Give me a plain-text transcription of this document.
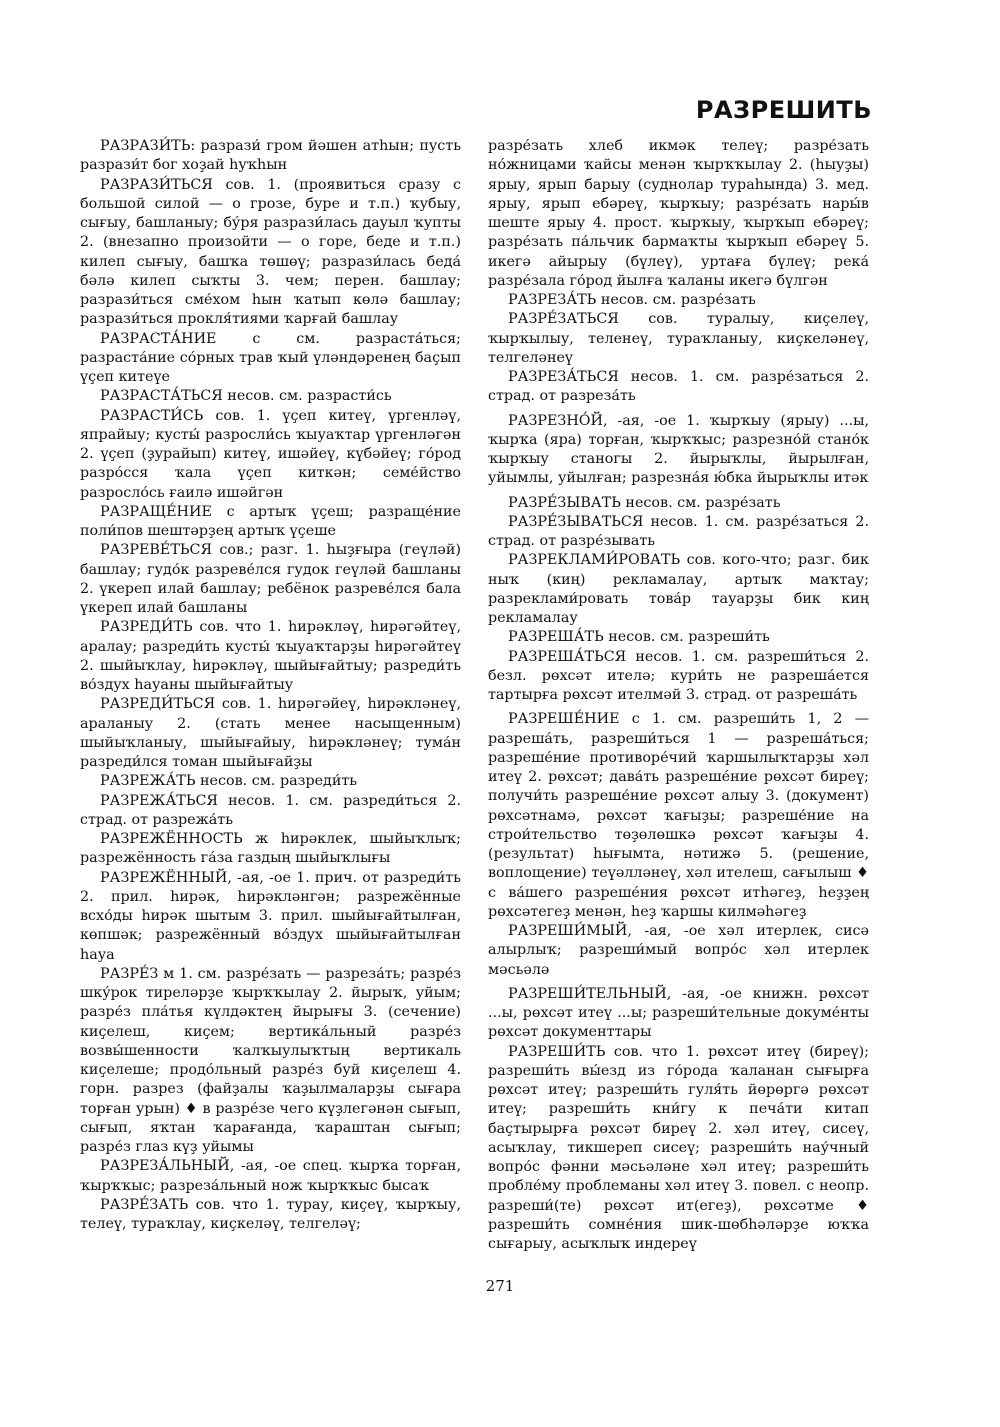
РАЗРЕШИТЬ

РАЗРАЗИ́ТЬ: разрази́ гром йәшен атһын; пусть разрази́т бог хоҙай һуҡһын

РАЗРАЗИ́ТЬСЯ сов. 1. (проявиться сразу с большой силой — о грозе, буре и т.п.) ҡубыу, сығыу, башланыу; бу́ря разрази́лась дауыл ҡупты 2. (внезапно произойти — о горе, беде и т.п.) килеп сығыу, башҡа төшөү; разрази́лась беда́ бәлә килеп сыҡты 3. чем; перен. башлау; разрази́ться сме́хом һын ҡатып көлә башлау; разрази́ться прокля́тиями ҡарғай башлау

РАЗРАСТА́НИЕ с см. разраста́ться; разраста́ние со́рных трав ҡый үләндәренең баҫып үҫеп китеүе

РАЗРАСТА́ТЬСЯ несов. см. разрасти́сь

РАЗРАСТИ́СЬ сов. 1. үҫеп китеү, үргенләү, япрайыу; кусты́ разросли́сь ҡыуаҡтар үргенләгән 2. үҫеп (ҙурайып) китеү, ишәйеү, күбәйеү; го́род разро́сся ҡала үҫеп киткән; семе́йство разросло́сь ғаилә ишәйгән

РАЗРАЩЕ́НИЕ с артыҡ үҫеш; разраще́ние поли́пов шештәрҙең артыҡ үҫеше

РАЗРЕВЕ́ТЬСЯ сов.; разг. 1. һыҙғыра (геүләй) башлау; гудо́к разреве́лся гудок геүләй башланы 2. үкереп илай башлау; ребёнок разреве́лся бала үкереп илай башланы

РАЗРЕДИ́ТЬ сов. что 1. һирәкләү, һирәгәйтеү, аралау; разреди́ть кусты́ ҡыуаҡтарҙы һирәгәйтеү 2. шыйыҡлау, һирәкләү, шыйығайтыу; разреди́ть во́здух һауаны шыйығайтыу

РАЗРЕДИ́ТЬСЯ сов. 1. һирәгәйеү, һирәкләнеү, араланыу 2. (стать менее насыщенным) шыйыҡланыу, шыйығайыу, һирәкләнеү; тума́н разреди́лся томан шыйығайҙы

РАЗРЕЖА́ТЬ несов. см. разреди́ть

РАЗРЕЖА́ТЬСЯ несов. 1. см. разреди́ться 2. страд. от разрежа́ть

РАЗРЕЖЁННОСТЬ ж һирәклек, шыйыҡлыҡ; разрежённость га́за газдың шыйыҡлығы

РАЗРЕЖЁННЫЙ, -ая, -ое 1. прич. от разреди́ть 2. прил. һирәк, һирәкләнгән; разрежённые всхо́ды һирәк шытым 3. прил. шыйығайтылған, көпшәк; разрежённый во́здух шыйығайтылған һауа

РАЗРЕ́З м 1. см. разре́зать — разреза́ть; разре́з шку́рок тиреләрҙе ҡырҡҡылау 2. йырыҡ, уйым; разре́з пла́тья күлдәктең йырығы 3. (сечение) киҫелеш, киҫем; вертика́льный разре́з возвы́шенности ҡалҡыулыҡтың вертикаль киҫелеше; продо́льный разре́з буй киҫелеш 4. горн. разрез (файҙалы ҡаҙылмаларҙы сығара торған урын) ♦ в разре́зе чего күҙлегәнән сығып, сығып, яҡтан ҡарағанда, ҡараштан сығып; разре́з глаз күҙ уйымы

РАЗРЕЗА́ЛЬНЫЙ, -ая, -ое спец. ҡырҡа торған, ҡырҡҡыс; разреза́льный нож ҡырҡҡыс бысаҡ

РАЗРЕ́ЗАТЬ сов. что 1. турау, киҫеү, ҡырҡыу, телеү, тураҡлау, киҫкеләү, телгеләү;

разре́зать хлеб икмәк телеү; разре́зать но́жницами ҡайсы менән ҡырҡҡылау 2. (һыуҙы) ярыу, ярып барыу (суднолар тураһында) 3. мед. ярыу, ярып ебәреү, ҡырҡыу; разре́зать нары́в шеште ярыу 4. прост. ҡырҡыу, ҡырҡып ебәреү; разре́зать па́льчик бармаҡты ҡырҡып ебәреү 5. икегә айырыу (бүлеү), уртаға бүлеү; река́ разре́зала го́род йылға ҡаланы икегә бүлгән

РАЗРЕЗА́ТЬ несов. см. разре́зать

РАЗРЕ́ЗАТЬСЯ сов. туралыу, киҫелеү, ҡырҡылыу, теленеү, тураҡланыу, киҫкеләнеү, телгеләнеү

РАЗРЕЗА́ТЬСЯ несов. 1. см. разре́заться 2. страд. от разреза́ть

РАЗРЕЗНО́Й, -ая, -ое 1. ҡырҡыу (ярыу) ...ы, ҡырҡа (яра) торған, ҡырҡҡыс; разрезно́й стано́к ҡырҡыу станогы 2. йырыҡлы, йырылған, уйымлы, уйылған; разрезна́я ю́бка йырыҡлы итәк

РАЗРЕ́ЗЫВАТЬ несов. см. разре́зать

РАЗРЕ́ЗЫВАТЬСЯ несов. 1. см. разре́заться 2. страд. от разре́зывать

РАЗРЕКЛАМИ́РОВАТЬ сов. кого-что; разг. бик ныҡ (киң) рекламалау, артыҡ маҡтау; разреклами́ровать това́р тауарҙы бик киң рекламалау

РАЗРЕША́ТЬ несов. см. разреши́ть

РАЗРЕША́ТЬСЯ несов. 1. см. разреши́ться 2. безл. рөхсәт ителә; кури́ть не разреша́ется тартырға рөхсәт ителмәй 3. страд. от разреша́ть

РАЗРЕШЕ́НИЕ с 1. см. разреши́ть 1, 2 — разреша́ть, разреши́ться 1 — разреша́ться; разреше́ние противоре́чий ҡаршылыҡтарҙы хәл итеү 2. рөхсәт; дава́ть разреше́ние рөхсәт биреү; получи́ть разреше́ние рөхсәт алыу 3. (документ) рөхсәтнамә, рөхсәт ҡағыҙы; разреше́ние на строи́тельство төҙөлөшкә рөхсәт ҡағыҙы 4. (результат) һығымта, нәтижә 5. (решение, воплощение) теүәлләнеү, хәл ителеш, сағылыш ♦ с ва́шего разреше́ния рөхсәт итһәгеҙ, һеҙҙең рөхсәтегеҙ менән, һеҙ ҡаршы килмәһәгеҙ

РАЗРЕШИ́МЫЙ, -ая, -ое хәл итерлек, сисә алырлыҡ; разреши́мый вопро́с хәл итерлек мәсьәлә

РАЗРЕШИ́ТЕЛЬНЫЙ, -ая, -ое книжн. рөхсәт ...ы, рөхсәт итеү ...ы; разреши́тельные докуме́нты рөхсәт документтары

РАЗРЕШИ́ТЬ сов. что 1. рөхсәт итеү (биреү); разреши́ть вы́езд из го́рода ҡаланан сығырға рөхсәт итеү; разреши́ть гуля́ть йөрөргә рөхсәт итеү; разреши́ть кни́гу к печа́ти китап баҫтырырға рөхсәт биреү 2. хәл итеү, сисеү, асыҡлау, тикшереп сисеү; разреши́ть нау́чный вопро́с фәнни мәсьәләне хәл итеү; разреши́ть пробле́му проблеманы хәл итеү 3. повел. с неопр. разреши́(те) рөхсәт ит(егеҙ), рөхсәтме ♦ разреши́ть сомне́ния шик-шөбһәләрҙе юҡҡа сығарыу, асыҡлыҡ индереү

271
